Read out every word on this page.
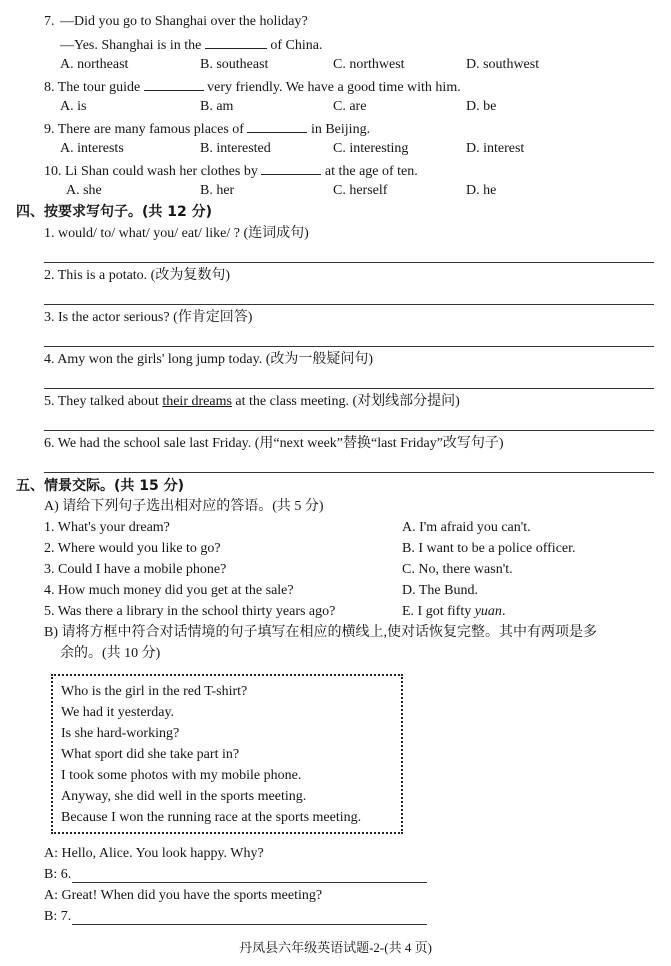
7. —Did you go to Shanghai over the holiday?
—Yes. Shanghai is in the	of China.
A. northeast	B. southeast	C. northwest	D. southwest
8. The tour guide	very friendly. We have a good time with him.
A. is	B. am	C. are	D. be
9. There are many famous places of	in Beijing.
A. interests	B. interested	C. interesting	D. interest
10. Li Shan could wash her clothes by	at the age of ten.
A. she	B. her	C. herself	D. he
四、按要求写句子。(共 12 分)
1. would/ to/ what/ you/ eat/ like/ ? (连词成句)
2. This is a potato. (改为复数句)
3. Is the actor serious? (作肯定回答)
4. Amy won the girls' long jump today. (改为一般疑问句)
5. They talked about their dreams at the class meeting. (对划线部分提问)
6. We had the school sale last Friday. (用“next week”替换“last Friday”改写句子)
五、情景交际。(共 15 分)
A) 请给下列句子选出相对应的答语。(共 5 分)
1. What's your dream?	A. I'm afraid you can't.
2. Where would you like to go?	B. I want to be a police officer.
3. Could I have a mobile phone?	C. No, there wasn't.
4. How much money did you get at the sale?	D. The Bund.
5. Was there a library in the school thirty years ago?	E. I got fifty yuan.
B) 请将方框中符合对话情境的句子填写在相应的横线上,使对话恢复完整。其中有两项是多
余的。(共 10 分)
Who is the girl in the red T-shirt?
We had it yesterday.
Is she hard-working?
What sport did she take part in?
I took some photos with my mobile phone.
Anyway, she did well in the sports meeting.
Because I won the running race at the sports meeting.
A: Hello, Alice. You look happy. Why?
B: 6.
A: Great! When did you have the sports meeting?
B: 7.
丹凤县六年级英语试题-2-(共 4 页)
